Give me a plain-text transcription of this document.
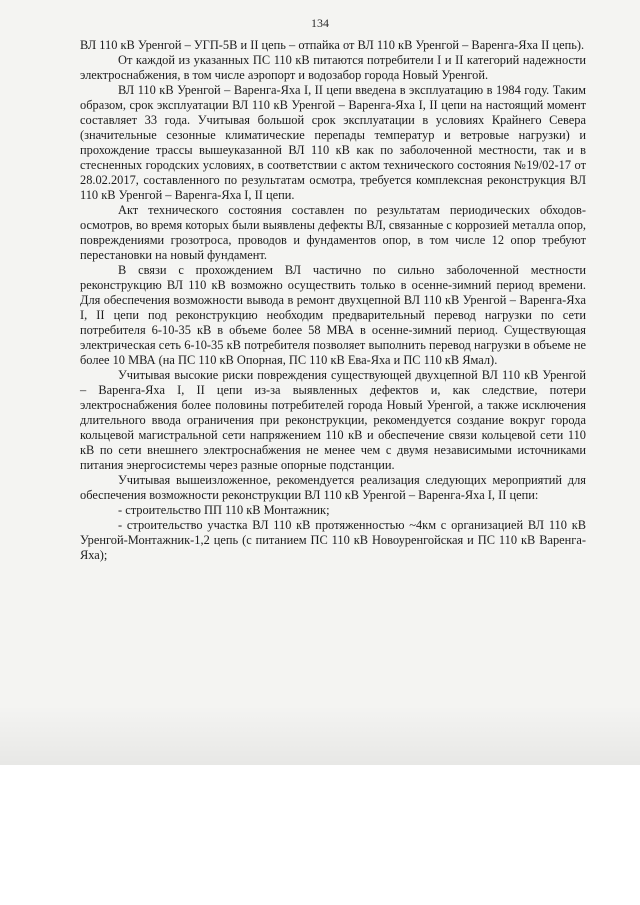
134

ВЛ 110 кВ Уренгой – УГП-5В и II цепь – отпайка от ВЛ 110 кВ Уренгой – Варенга-Яха II цепь).

От каждой из указанных ПС 110 кВ питаются потребители I и II категорий надежности электроснабжения, в том числе аэропорт и водозабор города Новый Уренгой.

ВЛ 110 кВ Уренгой – Варенга-Яха I, II цепи введена в эксплуатацию в 1984 году. Таким образом, срок эксплуатации ВЛ 110 кВ Уренгой – Варенга-Яха I, II цепи на настоящий момент составляет 33 года. Учитывая большой срок эксплуатации в условиях Крайнего Севера (значительные сезонные климатические перепады температур и ветровые нагрузки) и прохождение трассы вышеуказанной ВЛ 110 кВ как по заболоченной местности, так и в стесненных городских условиях, в соответствии с актом технического состояния №19/02-17 от 28.02.2017, составленного по результатам осмотра, требуется комплексная реконструкция ВЛ 110 кВ Уренгой – Варенга-Яха I, II цепи.

Акт технического состояния составлен по результатам периодических обходов-осмотров, во время которых были выявлены дефекты ВЛ, связанные с коррозией металла опор, повреждениями грозотроса, проводов и фундаментов опор, в том числе 12 опор требуют перестановки на новый фундамент.

В связи с прохождением ВЛ частично по сильно заболоченной местности реконструкцию ВЛ 110 кВ возможно осуществить только в осенне-зимний период времени. Для обеспечения возможности вывода в ремонт двухцепной ВЛ 110 кВ Уренгой – Варенга-Яха I, II цепи под реконструкцию необходим предварительный перевод нагрузки по сети потребителя 6-10-35 кВ в объеме более 58 МВА в осенне-зимний период. Существующая электрическая сеть 6-10-35 кВ потребителя позволяет выполнить перевод нагрузки в объеме не более 10 МВА (на ПС 110 кВ Опорная, ПС 110 кВ Ева-Яха и ПС 110 кВ Ямал).

Учитывая высокие риски повреждения существующей двухцепной ВЛ 110 кВ Уренгой – Варенга-Яха I, II цепи из-за выявленных дефектов и, как следствие, потери электроснабжения более половины потребителей города Новый Уренгой, а также исключения длительного ввода ограничения при реконструкции, рекомендуется создание вокруг города кольцевой магистральной сети напряжением 110 кВ и обеспечение связи кольцевой сети 110 кВ по сети внешнего электроснабжения не менее чем с двумя независимыми источниками питания энергосистемы через разные опорные подстанции.

Учитывая вышеизложенное, рекомендуется реализация следующих мероприятий для обеспечения возможности реконструкции ВЛ 110 кВ Уренгой – Варенга-Яха I, II цепи:

- строительство ПП 110 кВ Монтажник;

- строительство участка ВЛ 110 кВ протяженностью ~4км с организацией ВЛ 110 кВ Уренгой-Монтажник-1,2 цепь (с питанием ПС 110 кВ Новоуренгойская и ПС 110 кВ Варенга-Яха);
